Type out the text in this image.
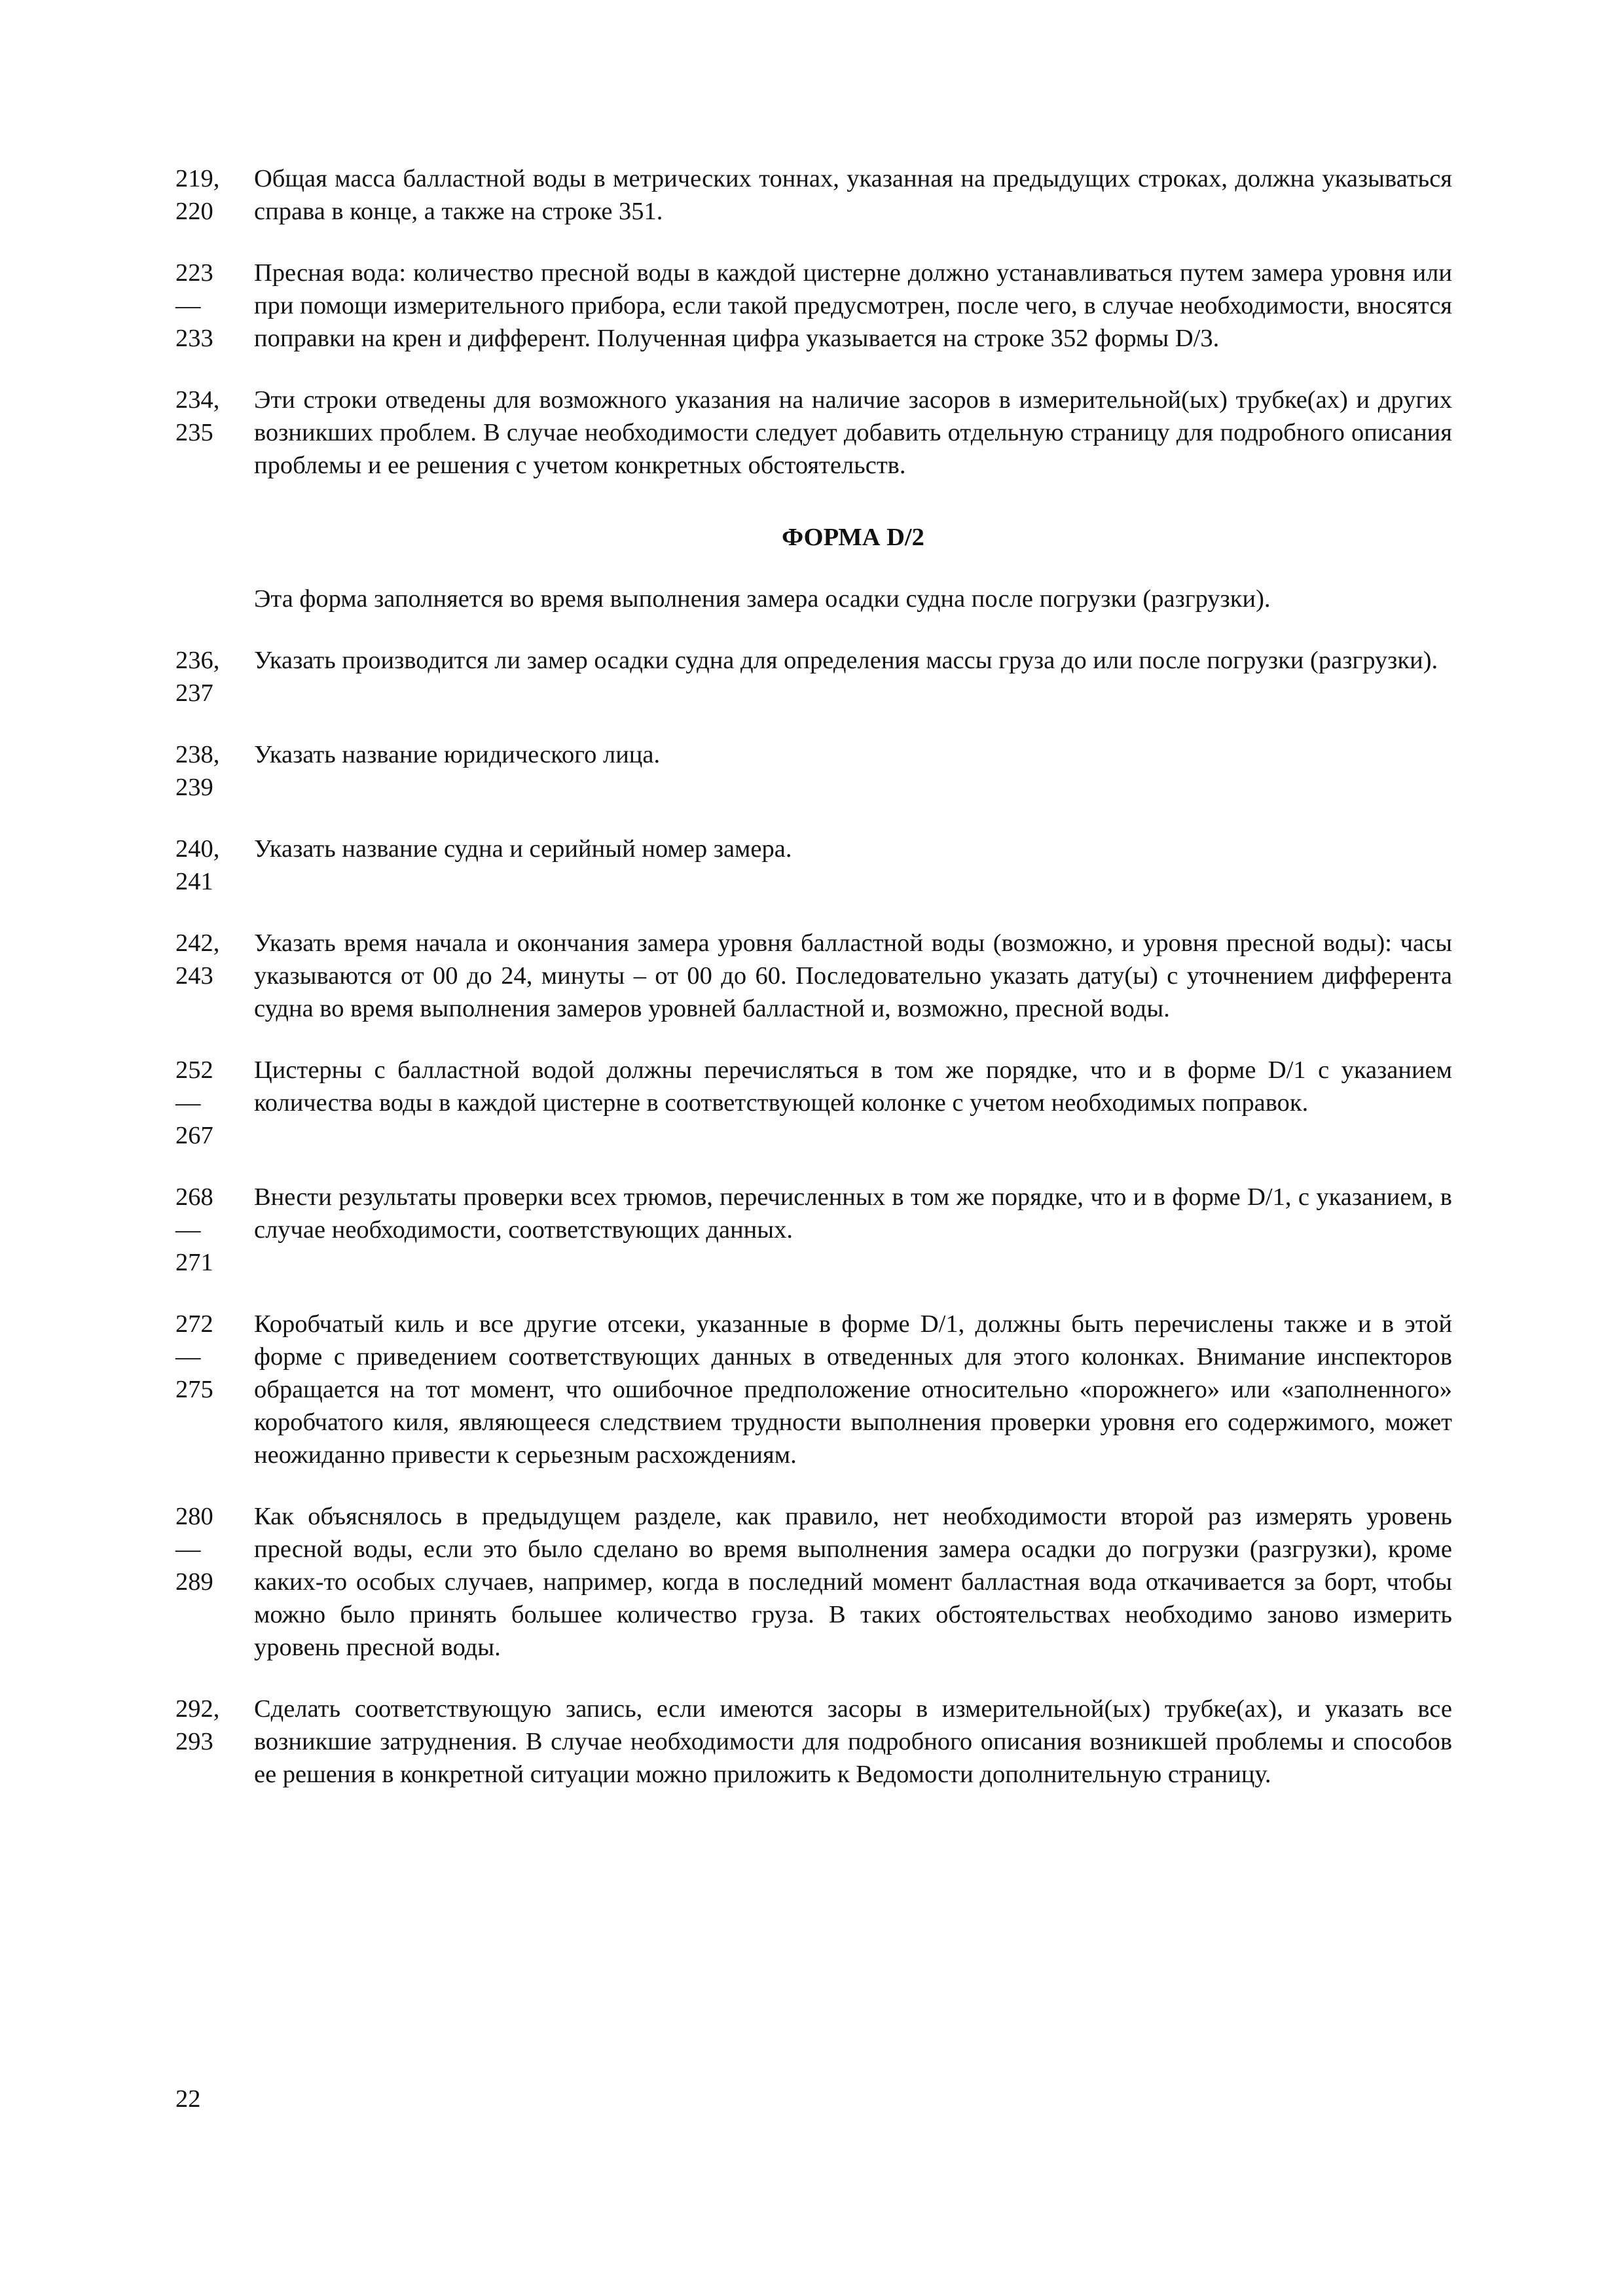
219,
220
Общая масса балластной воды в метрических тоннах, указанная на предыдущих строках, должна указываться справа в конце, а также на строке 351.
223
—
233
Пресная вода: количество пресной воды в каждой цистерне должно устанавливаться путем замера уровня или при помощи измерительного прибора, если такой предусмотрен, после чего, в случае необходимости, вносятся поправки на крен и дифферент. Полученная цифра указывается на строке 352 формы D/3.
234,
235
Эти строки отведены для возможного указания на наличие засоров в измерительной(ых) трубке(ах) и других возникших проблем. В случае необходимости следует добавить отдельную страницу для подробного описания проблемы и ее решения с учетом конкретных обстоятельств.
ФОРМА D/2
Эта форма заполняется во время выполнения замера осадки судна после погрузки (разгрузки).
236,
237
Указать производится ли замер осадки судна для определения массы груза до или после погрузки (разгрузки).
238,
239
Указать название юридического лица.
240,
241
Указать название судна и серийный номер замера.
242,
243
Указать время начала и окончания замера уровня балластной воды (возможно, и уровня пресной воды): часы указываются от 00 до 24, минуты – от 00 до 60. Последовательно указать дату(ы) с уточнением дифферента судна во время выполнения замеров уровней балластной и, возможно, пресной воды.
252
—
267
Цистерны с балластной водой должны перечисляться в том же порядке, что и в форме D/1 с указанием количества воды в каждой цистерне в соответствующей колонке с учетом необходимых поправок.
268
—
271
Внести результаты проверки всех трюмов, перечисленных в том же порядке, что и в форме D/1, с указанием, в случае необходимости, соответствующих данных.
272
—
275
Коробчатый киль и все другие отсеки, указанные в форме D/1, должны быть перечислены также и в этой форме с приведением соответствующих данных в отведенных для этого колонках. Внимание инспекторов обращается на тот момент, что ошибочное предположение относительно «порожнего» или «заполненного» коробчатого киля, являющееся следствием трудности выполнения проверки уровня его содержимого, может неожиданно привести к серьезным расхождениям.
280
—
289
Как объяснялось в предыдущем разделе, как правило, нет необходимости второй раз измерять уровень пресной воды, если это было сделано во время выполнения замера осадки до погрузки (разгрузки), кроме каких-то особых случаев, например, когда в последний момент балластная вода откачивается за борт, чтобы можно было принять большее количество груза. В таких обстоятельствах необходимо заново измерить уровень пресной воды.
292,
293
Сделать соответствующую запись, если имеются засоры в измерительной(ых) трубке(ах), и указать все возникшие затруднения. В случае необходимости для подробного описания возникшей проблемы и способов ее решения в конкретной ситуации можно приложить к Ведомости дополнительную страницу.
22
